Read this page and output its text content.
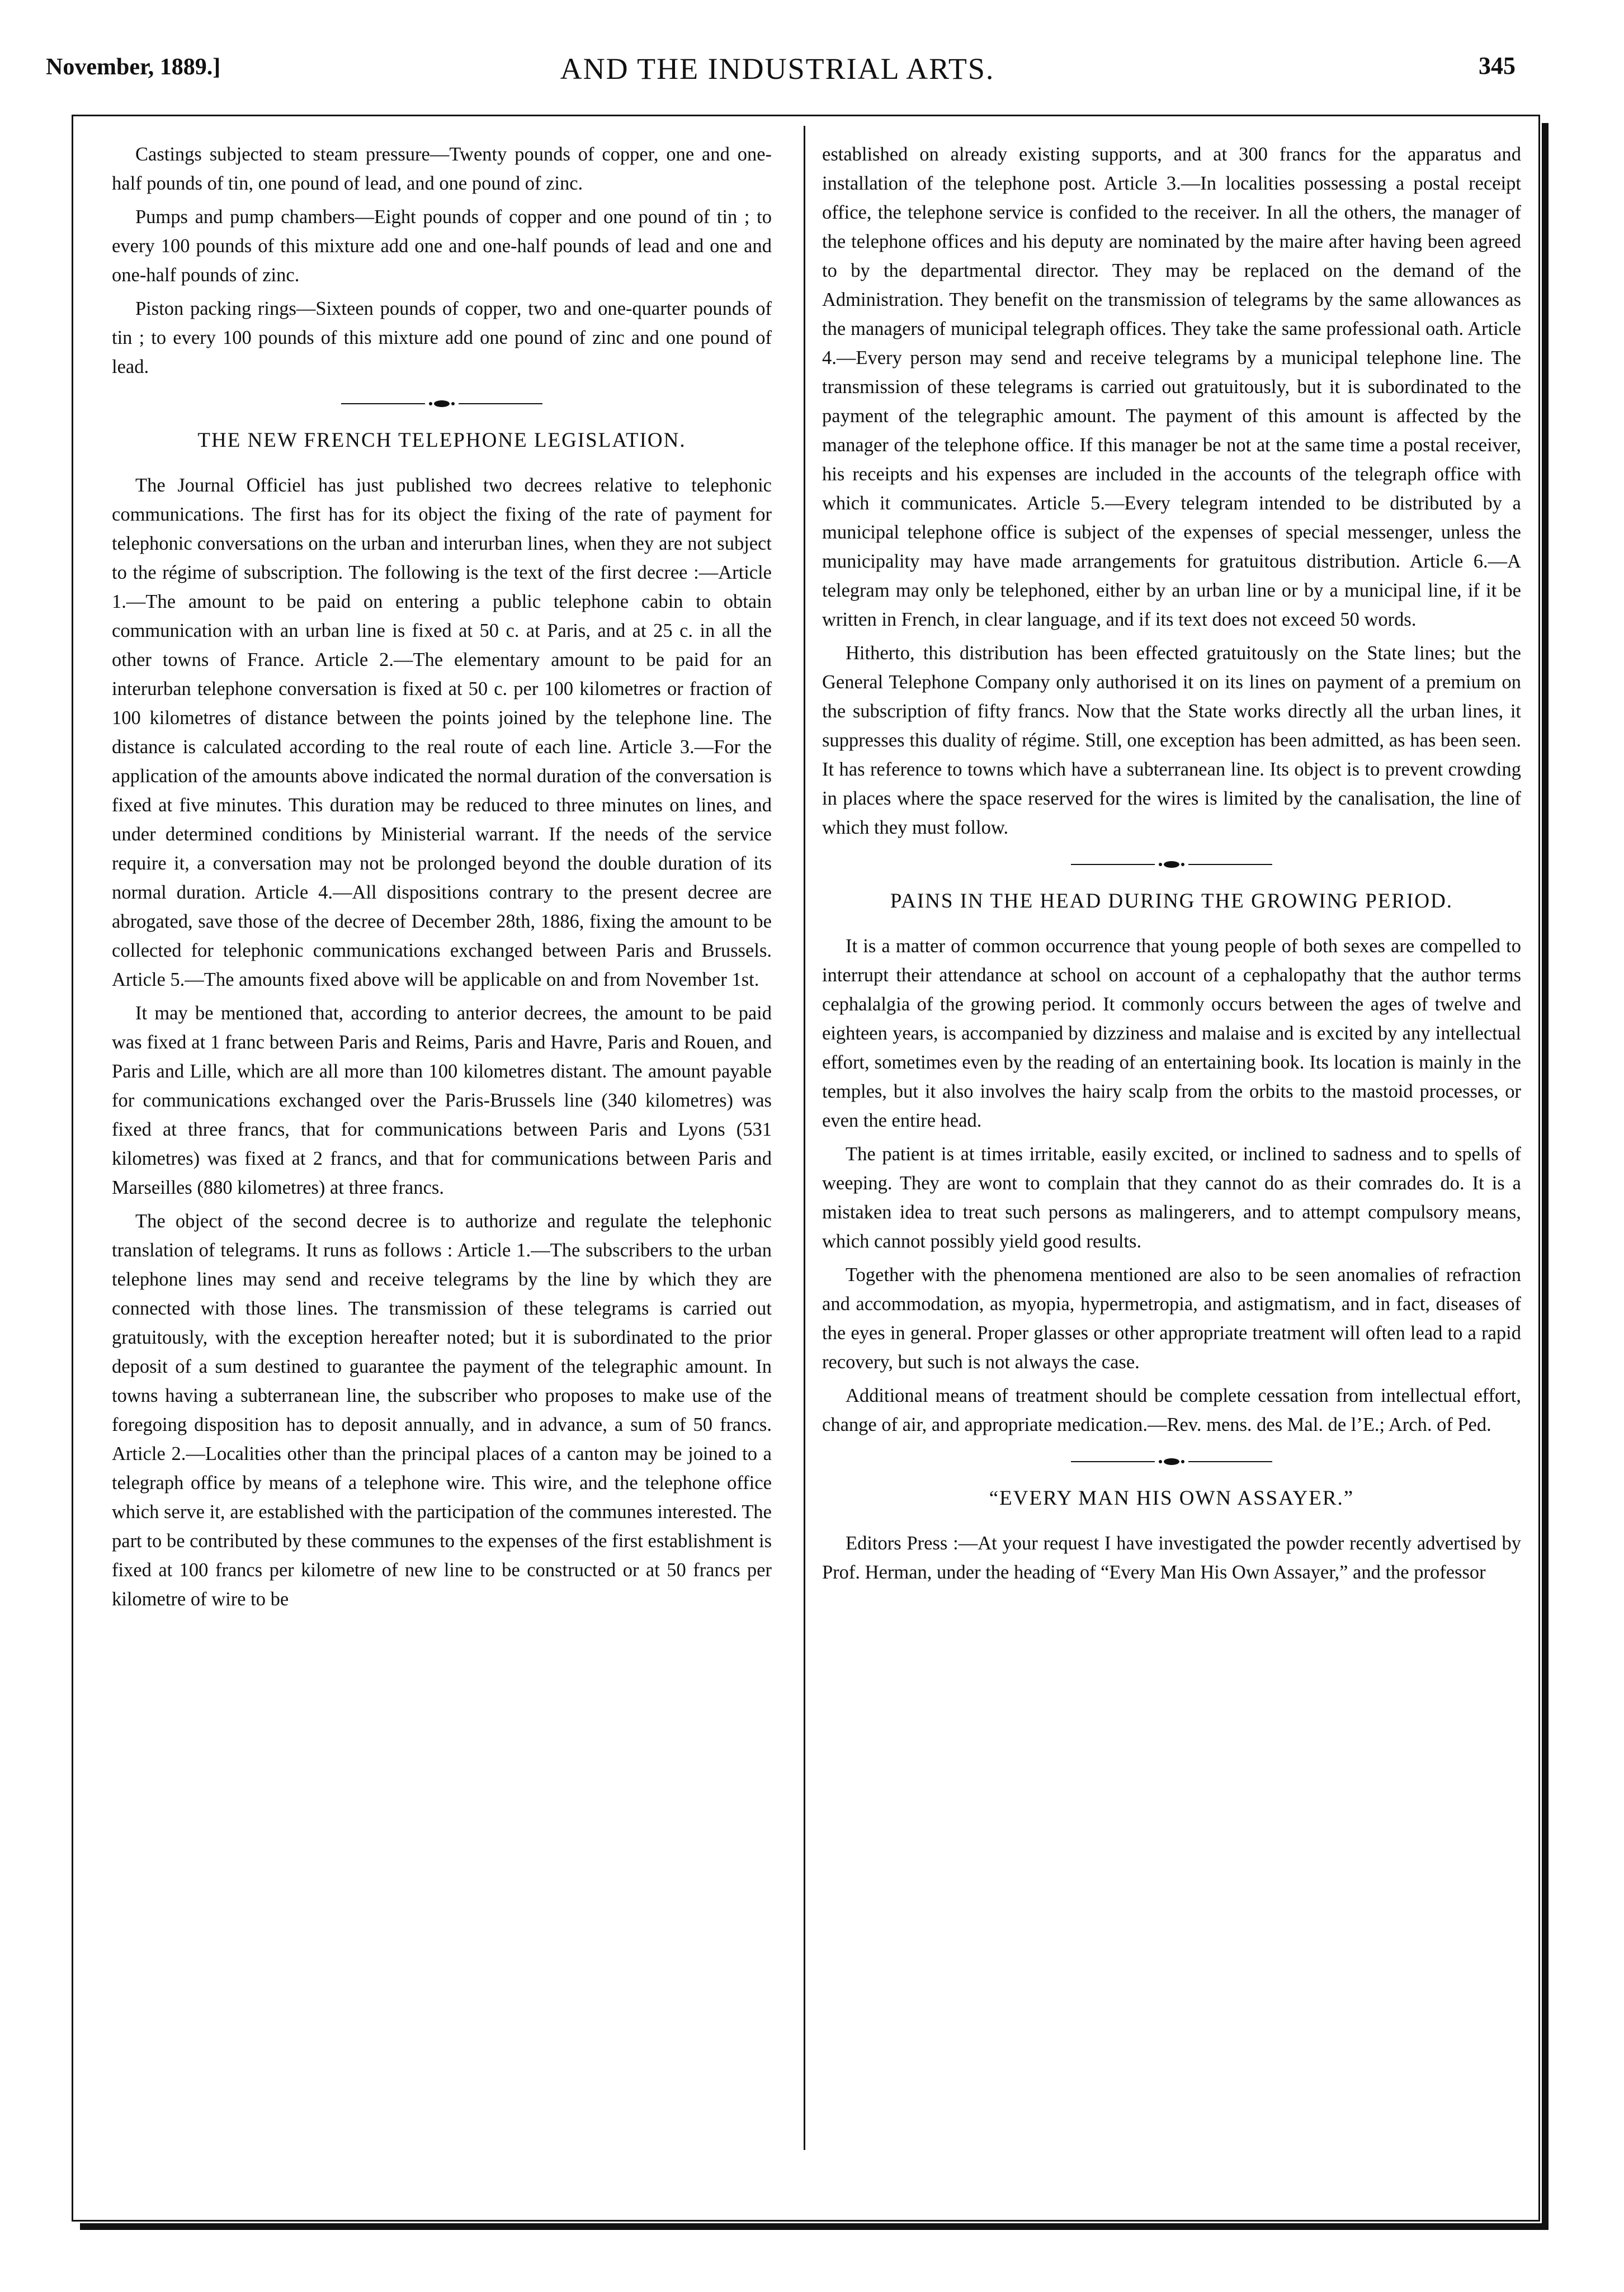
November, 1889.]	AND THE INDUSTRIAL ARTS.	345

Castings subjected to steam pressure—Twenty pounds of copper, one and one-half pounds of tin, one pound of lead, and one pound of zinc.

Pumps and pump chambers—Eight pounds of copper and one pound of tin ; to every 100 pounds of this mixture add one and one-half pounds of lead and one and one-half pounds of zinc.

Piston packing rings—Sixteen pounds of copper, two and one-quarter pounds of tin ; to every 100 pounds of this mixture add one pound of zinc and one pound of lead.

THE NEW FRENCH TELEPHONE LEGISLATION.

The Journal Officiel has just published two decrees relative to telephonic communications. The first has for its object the fixing of the rate of payment for telephonic conversations on the urban and interurban lines, when they are not subject to the régime of subscription. The following is the text of the first decree :—Article 1.—The amount to be paid on entering a public telephone cabin to obtain communication with an urban line is fixed at 50 c. at Paris, and at 25 c. in all the other towns of France. Article 2.—The elementary amount to be paid for an interurban telephone conversation is fixed at 50 c. per 100 kilometres or fraction of 100 kilometres of distance between the points joined by the telephone line. The distance is calculated according to the real route of each line. Article 3.—For the application of the amounts above indicated the normal duration of the conversation is fixed at five minutes. This duration may be reduced to three minutes on lines, and under determined conditions by Ministerial warrant. If the needs of the service require it, a conversation may not be prolonged beyond the double duration of its normal duration. Article 4.—All dispositions contrary to the present decree are abrogated, save those of the decree of December 28th, 1886, fixing the amount to be collected for telephonic communications exchanged between Paris and Brussels. Article 5.—The amounts fixed above will be applicable on and from November 1st.

It may be mentioned that, according to anterior decrees, the amount to be paid was fixed at 1 franc between Paris and Reims, Paris and Havre, Paris and Rouen, and Paris and Lille, which are all more than 100 kilometres distant. The amount payable for communications exchanged over the Paris-Brussels line (340 kilometres) was fixed at three francs, that for communications between Paris and Lyons (531 kilometres) was fixed at 2 francs, and that for communications between Paris and Marseilles (880 kilometres) at three francs.

The object of the second decree is to authorize and regulate the telephonic translation of telegrams. It runs as follows : Article 1.—The subscribers to the urban telephone lines may send and receive telegrams by the line by which they are connected with those lines. The transmission of these telegrams is carried out gratuitously, with the exception hereafter noted; but it is subordinated to the prior deposit of a sum destined to guarantee the payment of the telegraphic amount. In towns having a subterranean line, the subscriber who proposes to make use of the foregoing disposition has to deposit annually, and in advance, a sum of 50 francs. Article 2.—Localities other than the principal places of a canton may be joined to a telegraph office by means of a telephone wire. This wire, and the telephone office which serve it, are established with the participation of the communes interested. The part to be contributed by these communes to the expenses of the first establishment is fixed at 100 francs per kilometre of new line to be constructed or at 50 francs per kilometre of wire to be

established on already existing supports, and at 300 francs for the apparatus and installation of the telephone post. Article 3.—In localities possessing a postal receipt office, the telephone service is confided to the receiver. In all the others, the manager of the telephone offices and his deputy are nominated by the maire after having been agreed to by the departmental director. They may be replaced on the demand of the Administration. They benefit on the transmission of telegrams by the same allowances as the managers of municipal telegraph offices. They take the same professional oath. Article 4.—Every person may send and receive telegrams by a municipal telephone line. The transmission of these telegrams is carried out gratuitously, but it is subordinated to the payment of the telegraphic amount. The payment of this amount is affected by the manager of the telephone office. If this manager be not at the same time a postal receiver, his receipts and his expenses are included in the accounts of the telegraph office with which it communicates. Article 5.—Every telegram intended to be distributed by a municipal telephone office is subject of the expenses of special messenger, unless the municipality may have made arrangements for gratuitous distribution. Article 6.—A telegram may only be telephoned, either by an urban line or by a municipal line, if it be written in French, in clear language, and if its text does not exceed 50 words.

Hitherto, this distribution has been effected gratuitously on the State lines; but the General Telephone Company only authorised it on its lines on payment of a premium on the subscription of fifty francs. Now that the State works directly all the urban lines, it suppresses this duality of régime. Still, one exception has been admitted, as has been seen. It has reference to towns which have a subterranean line. Its object is to prevent crowding in places where the space reserved for the wires is limited by the canalisation, the line of which they must follow.

PAINS IN THE HEAD DURING THE GROWING PERIOD.

It is a matter of common occurrence that young people of both sexes are compelled to interrupt their attendance at school on account of a cephalopathy that the author terms cephalalgia of the growing period. It commonly occurs between the ages of twelve and eighteen years, is accompanied by dizziness and malaise and is excited by any intellectual effort, sometimes even by the reading of an entertaining book. Its location is mainly in the temples, but it also involves the hairy scalp from the orbits to the mastoid processes, or even the entire head.

The patient is at times irritable, easily excited, or inclined to sadness and to spells of weeping. They are wont to complain that they cannot do as their comrades do. It is a mistaken idea to treat such persons as malingerers, and to attempt compulsory means, which cannot possibly yield good results.

Together with the phenomena mentioned are also to be seen anomalies of refraction and accommodation, as myopia, hypermetropia, and astigmatism, and in fact, diseases of the eyes in general. Proper glasses or other appropriate treatment will often lead to a rapid recovery, but such is not always the case.

Additional means of treatment should be complete cessation from intellectual effort, change of air, and appropriate medication.—Rev. mens. des Mal. de l’E.; Arch. of Ped.

“EVERY MAN HIS OWN ASSAYER.”

Editors Press :—At your request I have investigated the powder recently advertised by Prof. Herman, under the heading of “Every Man His Own Assayer,” and the professor
